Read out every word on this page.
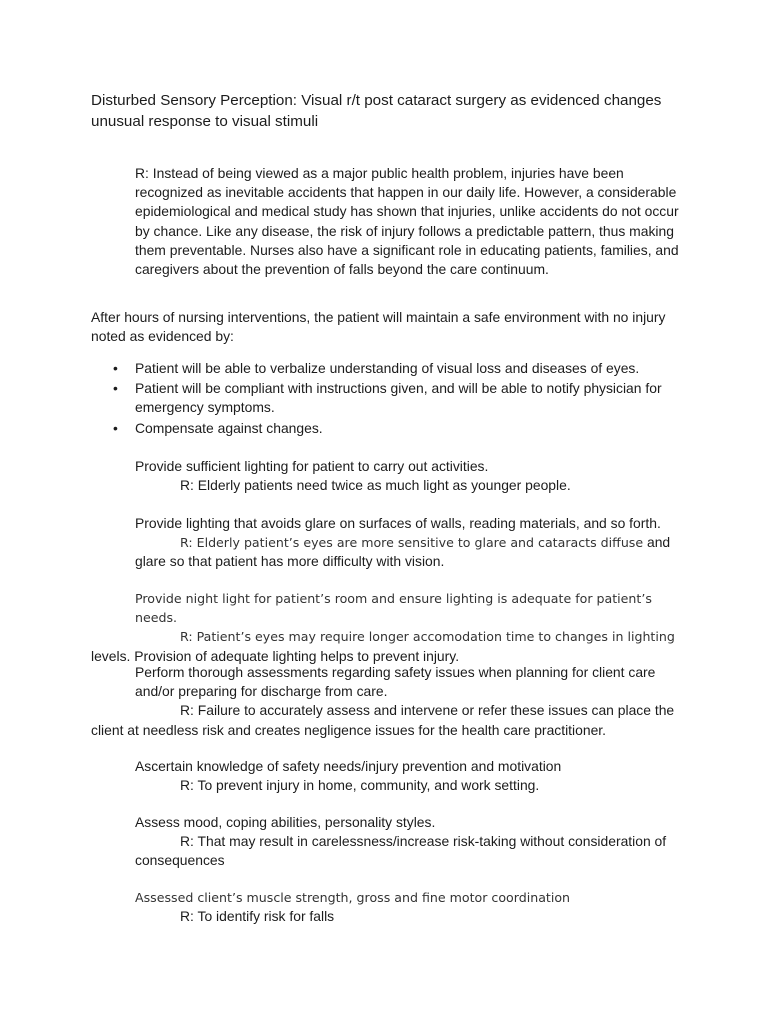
Disturbed Sensory Perception: Visual r/t post cataract surgery as evidenced changes unusual response to visual stimuli

R: Instead of being viewed as a major public health problem, injuries have been recognized as inevitable accidents that happen in our daily life. However, a considerable epidemiological and medical study has shown that injuries, unlike accidents do not occur by chance. Like any disease, the risk of injury follows a predictable pattern, thus making them preventable. Nurses also have a significant role in educating patients, families, and caregivers about the prevention of falls beyond the care continuum.

After hours of nursing interventions, the patient will maintain a safe environment with no injury noted as evidenced by:

• Patient will be able to verbalize understanding of visual loss and diseases of eyes.
• Patient will be compliant with instructions given, and will be able to notify physician for emergency symptoms.
• Compensate against changes.
Provide sufficient lighting for patient to carry out activities.
R: Elderly patients need twice as much light as younger people.
Provide lighting that avoids glare on surfaces of walls, reading materials, and so forth.
R: Elderly patient’s eyes are more sensitive to glare and cataracts diffuse and glare so that patient has more difficulty with vision.
Provide night light for patient’s room and ensure lighting is adequate for patient’s needs.
R: Patient’s eyes may require longer accomodation time to changes in lighting
levels. Provision of adequate lighting helps to prevent injury.
Perform thorough assessments regarding safety issues when planning for client care and/or preparing for discharge from care.
R: Failure to accurately assess and intervene or refer these issues can place the client at needless risk and creates negligence issues for the health care practitioner.
Ascertain knowledge of safety needs/injury prevention and motivation
R: To prevent injury in home, community, and work setting.
Assess mood, coping abilities, personality styles.
R: That may result in carelessness/increase risk-taking without consideration of consequences
Assessed client’s muscle strength, gross and fine motor coordination
R: To identify risk for falls
